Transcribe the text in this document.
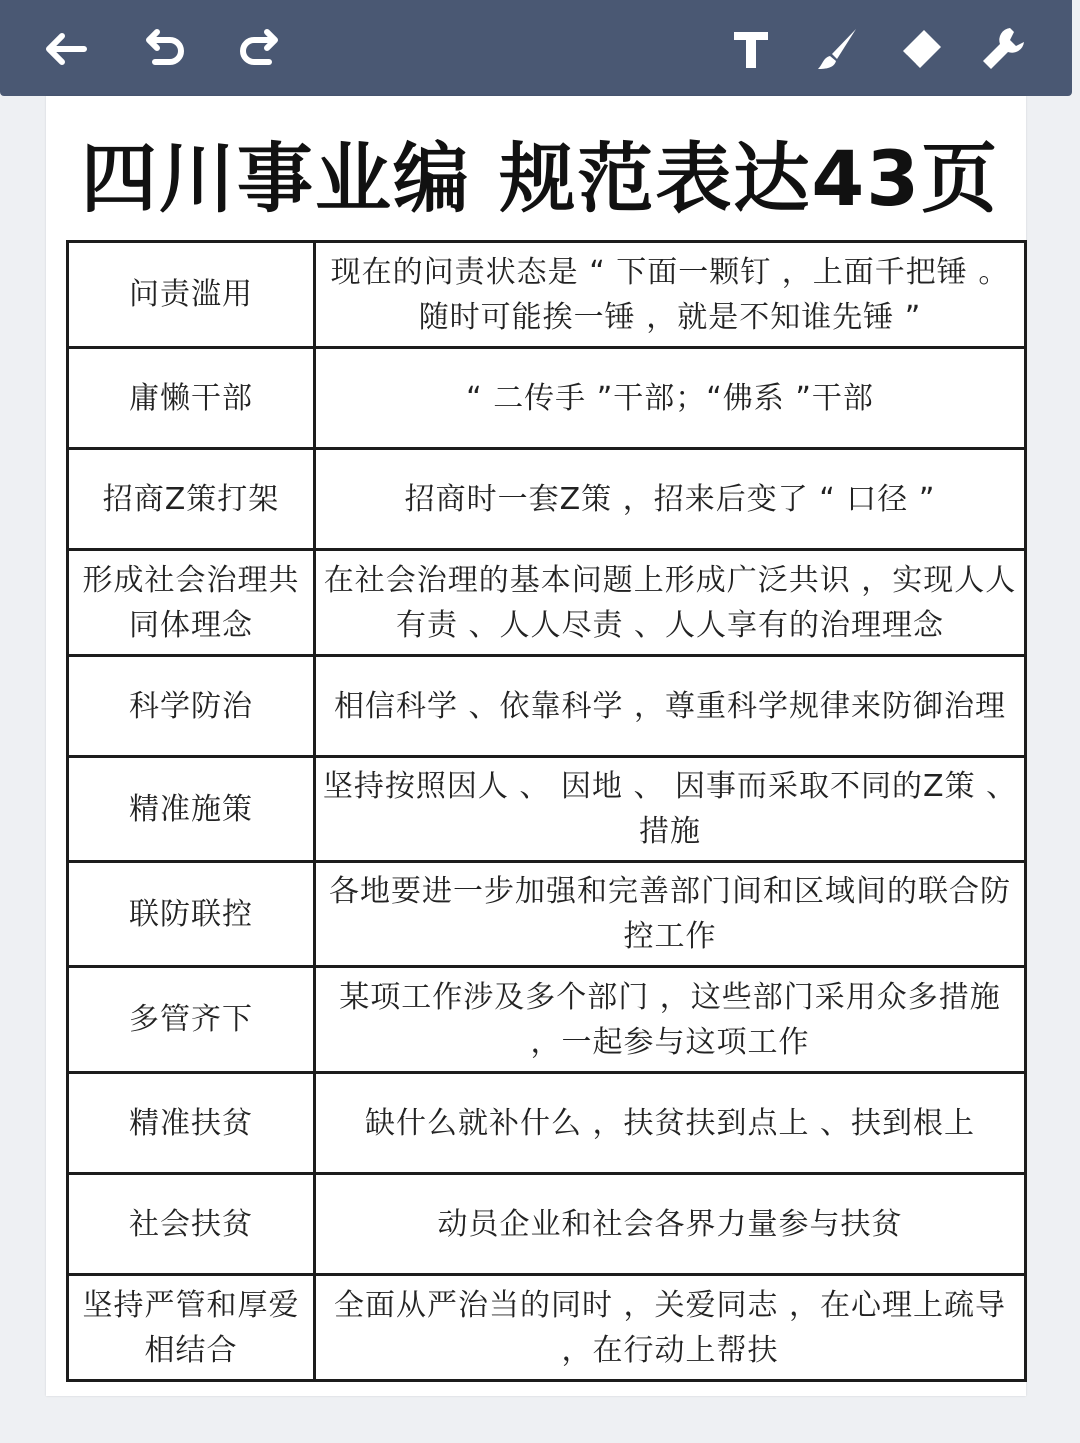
四川事业编 规范表达43页
问责滥用	现在的问责状态是 “ 下面一颗钉 ，上面千把锤 。随时可能挨一锤 ，就是不知谁先锤 ”
庸懒干部	“ 二传手 ”干部；“佛系 ”干部
招商Z策打架	招商时一套Z策 ，招来后变了 “ 口径 ”
形成社会治理共同体理念	在社会治理的基本问题上形成广泛共识 ，实现人人有责 、人人尽责 、人人享有的治理理念
科学防治	相信科学 、依靠科学 ，尊重科学规律来防御治理
精准施策	坚持按照因人 、 因地 、 因事而采取不同的Z策 、措施
联防联控	各地要进一步加强和完善部门间和区域间的联合防控工作
多管齐下	某项工作涉及多个部门 ，这些部门采用众多措施 ，一起参与这项工作
精准扶贫	缺什么就补什么 ，扶贫扶到点上 、扶到根上
社会扶贫	动员企业和社会各界力量参与扶贫
坚持严管和厚爱相结合	全面从严治当的同时 ，关爱同志 ，在心理上疏导 ，在行动上帮扶
